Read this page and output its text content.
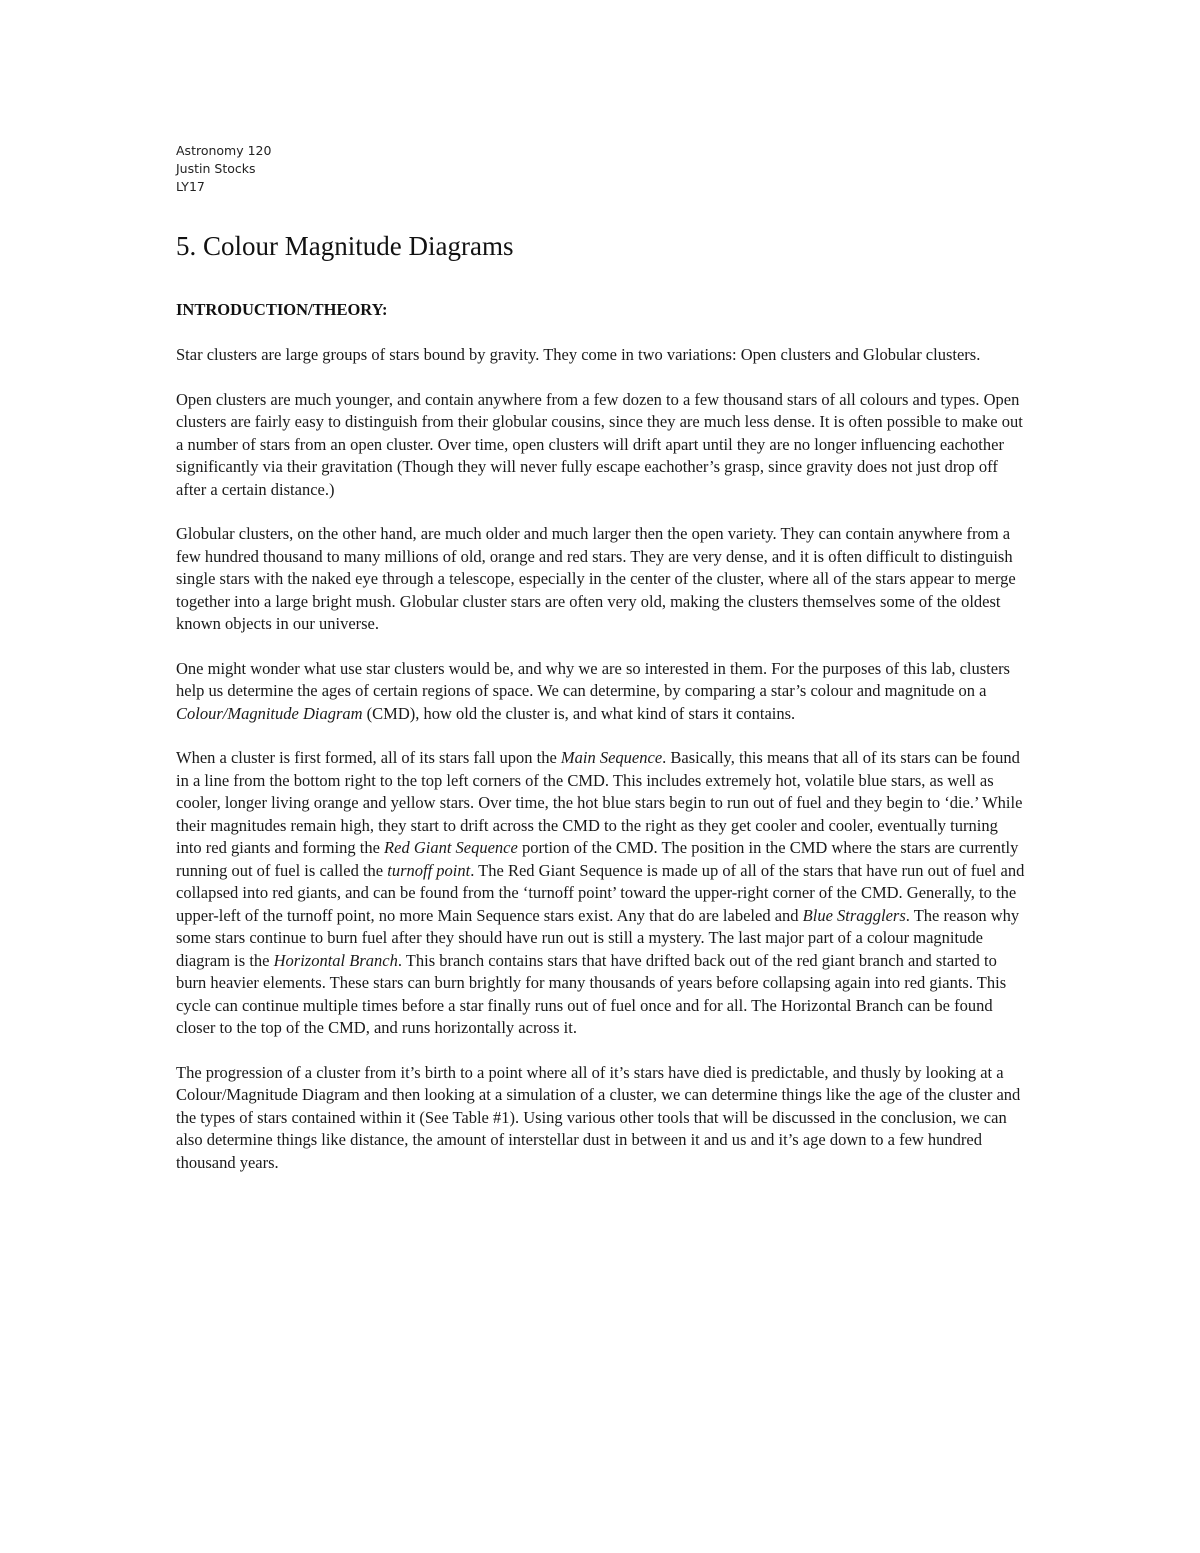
Astronomy 120
Justin Stocks
LY17
5. Colour Magnitude Diagrams
INTRODUCTION/THEORY:

Star clusters are large groups of stars bound by gravity. They come in two variations: Open clusters and Globular clusters.

Open clusters are much younger, and contain anywhere from a few dozen to a few thousand stars of all colours and types. Open clusters are fairly easy to distinguish from their globular cousins, since they are much less dense. It is often possible to make out a number of stars from an open cluster. Over time, open clusters will drift apart until they are no longer influencing eachother significantly via their gravitation (Though they will never fully escape eachother’s grasp, since gravity does not just drop off after a certain distance.)

Globular clusters, on the other hand, are much older and much larger then the open variety. They can contain anywhere from a few hundred thousand to many millions of old, orange and red stars. They are very dense, and it is often difficult to distinguish single stars with the naked eye through a telescope, especially in the center of the cluster, where all of the stars appear to merge together into a large bright mush. Globular cluster stars are often very old, making the clusters themselves some of the oldest known objects in our universe.

One might wonder what use star clusters would be, and why we are so interested in them. For the purposes of this lab, clusters help us determine the ages of certain regions of space. We can determine, by comparing a star’s colour and magnitude on a Colour/Magnitude Diagram (CMD), how old the cluster is, and what kind of stars it contains.

When a cluster is first formed, all of its stars fall upon the Main Sequence. Basically, this means that all of its stars can be found in a line from the bottom right to the top left corners of the CMD. This includes extremely hot, volatile blue stars, as well as cooler, longer living orange and yellow stars. Over time, the hot blue stars begin to run out of fuel and they begin to ‘die.’ While their magnitudes remain high, they start to drift across the CMD to the right as they get cooler and cooler, eventually turning into red giants and forming the Red Giant Sequence portion of the CMD. The position in the CMD where the stars are currently running out of fuel is called the turnoff point. The Red Giant Sequence is made up of all of the stars that have run out of fuel and collapsed into red giants, and can be found from the ‘turnoff point’ toward the upper-right corner of the CMD. Generally, to the upper-left of the turnoff point, no more Main Sequence stars exist. Any that do are labeled and Blue Stragglers. The reason why some stars continue to burn fuel after they should have run out is still a mystery. The last major part of a colour magnitude diagram is the Horizontal Branch. This branch contains stars that have drifted back out of the red giant branch and started to burn heavier elements. These stars can burn brightly for many thousands of years before collapsing again into red giants. This cycle can continue multiple times before a star finally runs out of fuel once and for all. The Horizontal Branch can be found closer to the top of the CMD, and runs horizontally across it.

The progression of a cluster from it’s birth to a point where all of it’s stars have died is predictable, and thusly by looking at a Colour/Magnitude Diagram and then looking at a simulation of a cluster, we can determine things like the age of the cluster and the types of stars contained within it (See Table #1). Using various other tools that will be discussed in the conclusion, we can also determine things like distance, the amount of interstellar dust in between it and us and it’s age down to a few hundred thousand years.
